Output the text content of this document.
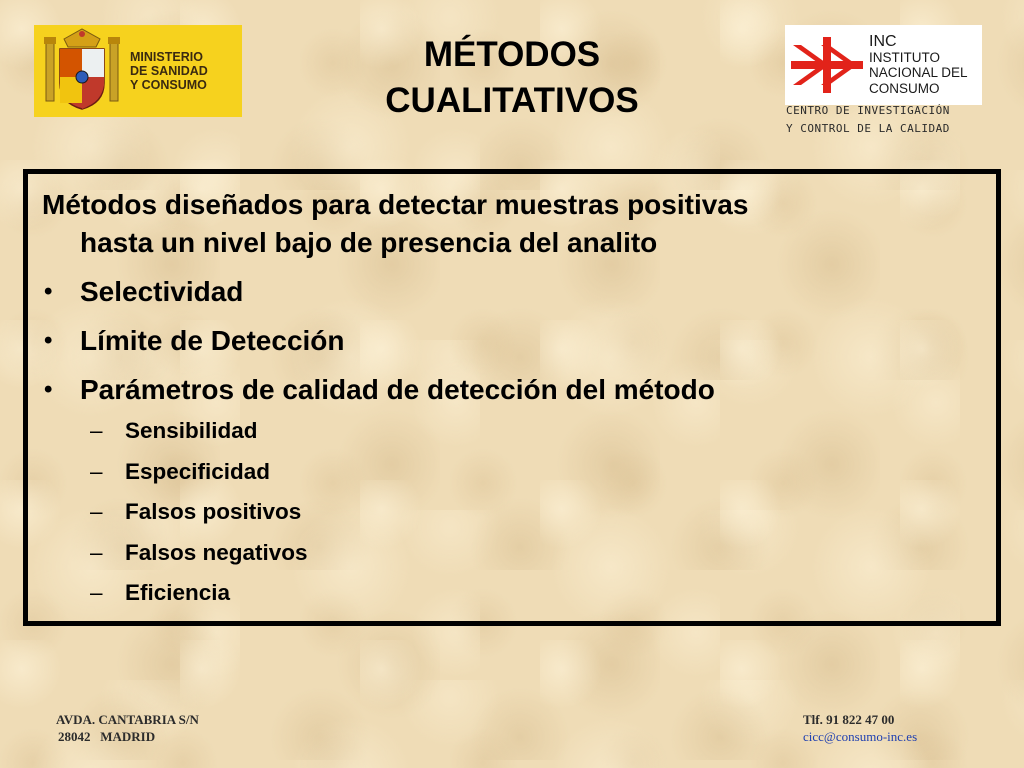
MINISTERIO
DE SANIDAD
Y CONSUMO
MÉTODOS
CUALITATIVOS
INC
INSTITUTO
NACIONAL DEL
CONSUMO
CENTRO DE INVESTIGACIÓN
Y CONTROL DE LA CALIDAD
Métodos diseñados para detectar muestras positivas
hasta un nivel bajo de presencia del analito
• Selectividad
• Límite de Detección
• Parámetros de calidad de detección del método
– Sensibilidad
– Especificidad
– Falsos positivos
– Falsos negativos
– Eficiencia
AVDA. CANTABRIA S/N
28042   MADRID
Tlf. 91 822 47 00
cicc@consumo-inc.es
